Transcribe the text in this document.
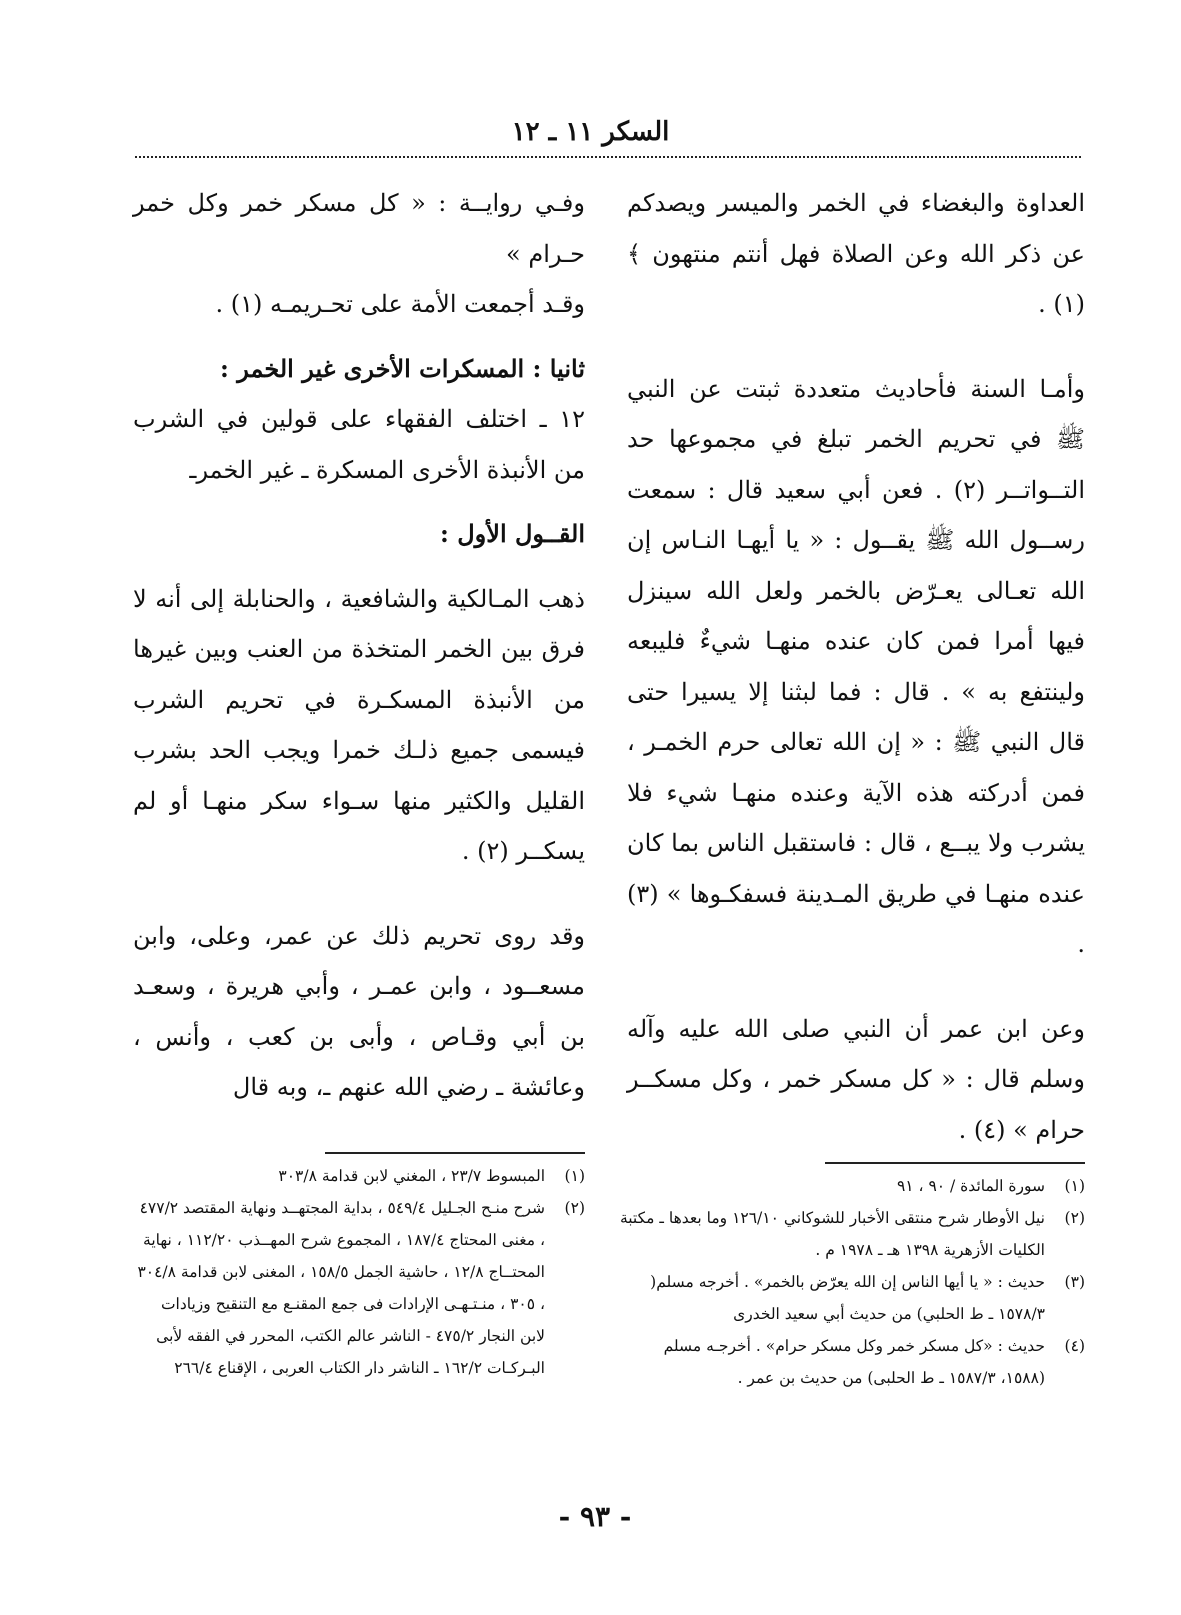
السكر ١١ ـ ١٢

العداوة والبغضاء في الخمر والميسر ويصدكم عن ذكر الله وعن الصلاة فهل أنتم منتهون ﴾ (١) .

وأمـا السنة فأحاديث متعددة ثبتت عن النبي ﷺ في تحريم الخمر تبلغ في مجموعها حد التــواتــر (٢) . فعن أبي سعيد قال : سمعت رســول الله ﷺ يقــول : « يا أيهـا النـاس إن الله تعـالى يعـرّض بالخمر ولعل الله سينزل فيها أمرا فمن كان عنده منهـا شيءٌ فليبعه ولينتفع به » . قال : فما لبثنا إلا يسيرا حتى قال النبي ﷺ : « إن الله تعالى حرم الخمـر ، فمن أدركته هذه الآية وعنده منهـا شيء فلا يشرب ولا يبــع ، قال : فاستقبل الناس بما كان عنده منهـا في طريق المـدينة فسفكـوها » (٣) .

وعن ابن عمر أن النبي صلى الله عليه وآله وسلم قال : « كل مسكر خمر ، وكل مسكــر حرام » (٤) .

وفـي روايــة : « كل مسكر خمر وكل خمر حـرام »

وقـد أجمعت الأمة على تحـريمـه (١) .

ثانيا : المسكرات الأخرى غير الخمر :

١٢ ـ اختلف الفقهاء على قولين في الشرب من الأنبذة الأخرى المسكرة ـ غير الخمرـ

القــول الأول :

ذهب المـالكية والشافعية ، والحنابلة إلى أنه لا فرق بين الخمر المتخذة من العنب وبين غيرها من الأنبذة المسكـرة في تحريم الشرب فيسمى جميع ذلـك خمرا ويجب الحد بشرب القليل والكثير منها سـواء سكر منهـا أو لم يسكــر (٢) .

وقد روى تحريم ذلك عن عمر، وعلى، وابن مسعــود ، وابن عمـر ، وأبي هريرة ، وسعـد بن أبي وقـاص ، وأبى بن كعب ، وأنس ، وعائشة ـ رضي الله عنهم ـ، وبه قال

(١)
سورة المائدة / ٩٠ ، ٩١
(٢)
نيل الأوطار شرح منتقى الأخبار للشوكاني ١٢٦/١٠ وما بعدها ـ مكتبة الكليات الأزهرية ١٣٩٨ هـ ـ ١٩٧٨ م .
(٣)
حديث : « يا أيها الناس إن الله يعرّض بالخمر» . أخرجه مسلم( ١٥٧٨/٣ ـ ط الحلبي) من حديث أبي سعيد الخدرى
(٤)
حديث : «كل مسكر خمر وكل مسكر حرام» . أخرجـه مسلم (١٥٨٨، ١٥٨٧/٣ ـ ط الحلبى) من حديث بن عمر .
(١)
المبسوط ٢٣/٧ ، المغني لابن قدامة ٣٠٣/٨
(٢)
شرح منـح الجـليل ٥٤٩/٤ ، بداية المجتهــد ونهاية المقتصد ٤٧٧/٢ ، مغنى المحتاج ١٨٧/٤ ، المجموع شرح المهــذب ١١٢/٢٠ ، نهاية المحتــاج ١٢/٨ ، حاشية الجمل ١٥٨/٥ ، المغنى لابن قدامة ٣٠٤/٨ ، ٣٠٥ ، منـتـهـى الإرادات فى جمع المقنـع مع التنقيح وزيادات لابن النجار ٤٧٥/٢ - الناشر عالم الكتب، المحرر في الفقه لأبى البـركـات ١٦٢/٢ ـ الناشر دار الكتاب العربى ، الإقناع ٢٦٦/٤
- ٩٣ -
